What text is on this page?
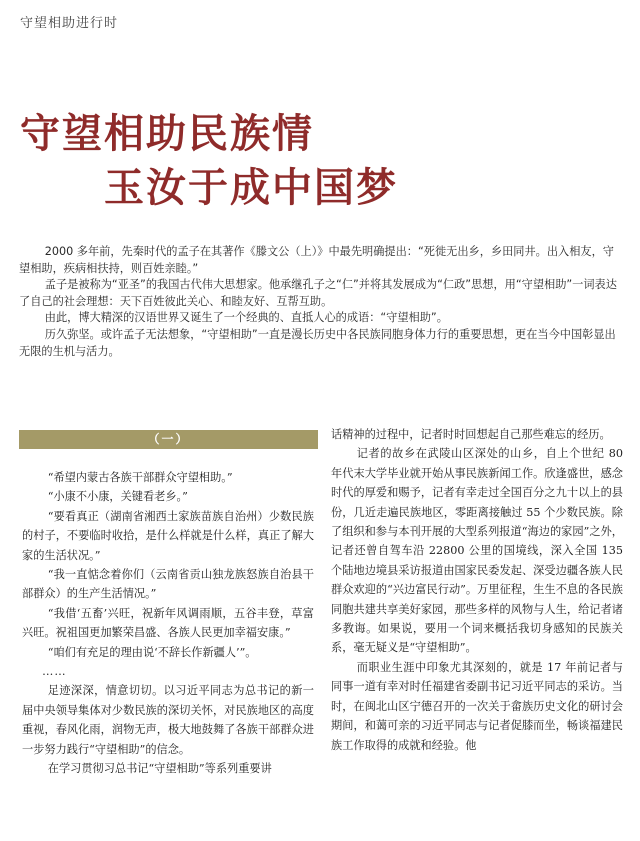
守望相助进行时
守望相助民族情
玉汝于成中国梦

2000 多年前，先秦时代的孟子在其著作《滕文公（上）》中最先明确提出：“死徙无出乡，乡田同井。出入相友，守望相助，疾病相扶持，则百姓亲睦。”

孟子是被称为“亚圣”的我国古代伟大思想家。他承继孔子之“仁”并将其发展成为“仁政”思想，用“守望相助”一词表达了自己的社会理想：天下百姓彼此关心、和睦友好、互帮互助。

由此，博大精深的汉语世界又诞生了一个经典的、直抵人心的成语：“守望相助”。

历久弥坚。或许孟子无法想象，“守望相助”一直是漫长历史中各民族同胞身体力行的重要思想，更在当今中国彰显出无限的生机与活力。

（一）

“希望内蒙古各族干部群众守望相助。”

“小康不小康，关键看老乡。”

“要看真正（湖南省湘西土家族苗族自治州）少数民族的村子，不要临时收拾，是什么样就是什么样，真正了解大家的生活状况。”

“我一直惦念着你们（云南省贡山独龙族怒族自治县干部群众）的生产生活情况。”

“我借‘五畜’兴旺，祝新年风调雨顺，五谷丰登，草富兴旺。祝祖国更加繁荣昌盛、各族人民更加幸福安康。”

“咱们有充足的理由说‘不辞长作新疆人’”。

……

足迹深深，情意切切。以习近平同志为总书记的新一届中央领导集体对少数民族的深切关怀，对民族地区的高度重视，春风化雨，润物无声，极大地鼓舞了各族干部群众进一步努力践行“守望相助”的信念。

在学习贯彻习总书记“守望相助”等系列重要讲

话精神的过程中，记者时时回想起自己那些难忘的经历。

记者的故乡在武陵山区深处的山乡，自上个世纪 80 年代末大学毕业就开始从事民族新闻工作。欣逢盛世，感念时代的厚爱和赐予，记者有幸走过全国百分之九十以上的县份，几近走遍民族地区，零距离接触过 55 个少数民族。除了组织和参与本刊开展的大型系列报道“海边的家园”之外，记者还曾自驾车沿 22800 公里的国境线，深入全国 135 个陆地边境县采访报道由国家民委发起、深受边疆各族人民群众欢迎的“兴边富民行动”。万里征程，生生不息的各民族同胞共建共享美好家园，那些多样的风物与人生，给记者诸多教诲。如果说，要用一个词来概括我切身感知的民族关系，毫无疑义是“守望相助”。

而职业生涯中印象尤其深刻的，就是 17 年前记者与同事一道有幸对时任福建省委副书记习近平同志的采访。当时，在闽北山区宁德召开的一次关于畲族历史文化的研讨会期间，和蔼可亲的习近平同志与记者促膝而坐，畅谈福建民族工作取得的成就和经验。他
